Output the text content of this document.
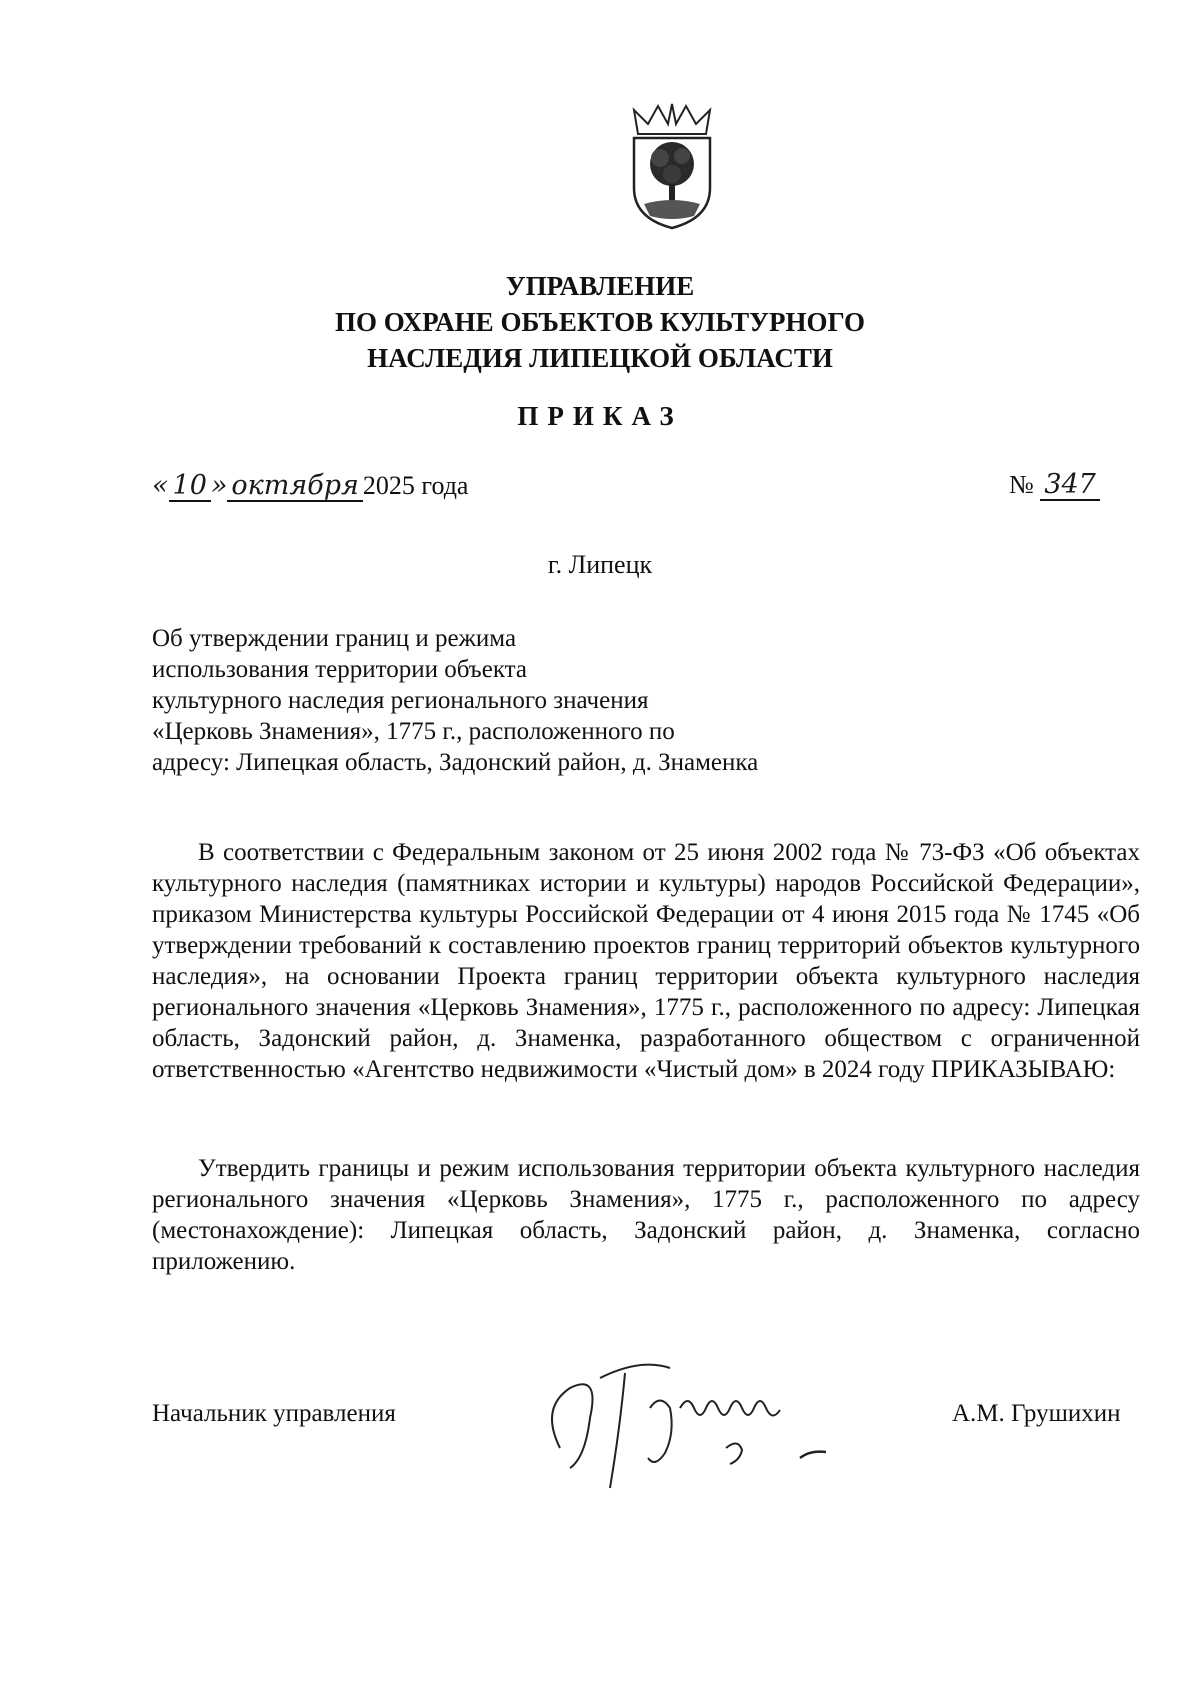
УПРАВЛЕНИЕ
ПО ОХРАНЕ ОБЪЕКТОВ КУЛЬТУРНОГО
НАСЛЕДИЯ ЛИПЕЦКОЙ ОБЛАСТИ
ПРИКАЗ
« 10 » октября 2025 года	№ 347
г. Липецк
Об утверждении границ и режима
использования территории объекта
культурного наследия регионального значения
«Церковь Знамения», 1775 г., расположенного по
адресу: Липецкая область, Задонский район, д. Знаменка
В соответствии с Федеральным законом от 25 июня 2002 года № 73-ФЗ «Об объектах культурного наследия (памятниках истории и культуры) народов Российской Федерации», приказом Министерства культуры Российской Федерации от 4 июня 2015 года № 1745 «Об утверждении требований к составлению проектов границ территорий объектов культурного наследия», на основании Проекта границ территории объекта культурного наследия регионального значения «Церковь Знамения», 1775 г., расположенного по адресу: Липецкая область, Задонский район, д. Знаменка, разработанного обществом с ограниченной ответственностью «Агентство недвижимости «Чистый дом» в 2024 году ПРИКАЗЫВАЮ:
Утвердить границы и режим использования территории объекта культурного наследия регионального значения «Церковь Знамения», 1775 г., расположенного по адресу (местонахождение): Липецкая область, Задонский район, д. Знаменка, согласно приложению.
Начальник управления	А.М. Грушихин
